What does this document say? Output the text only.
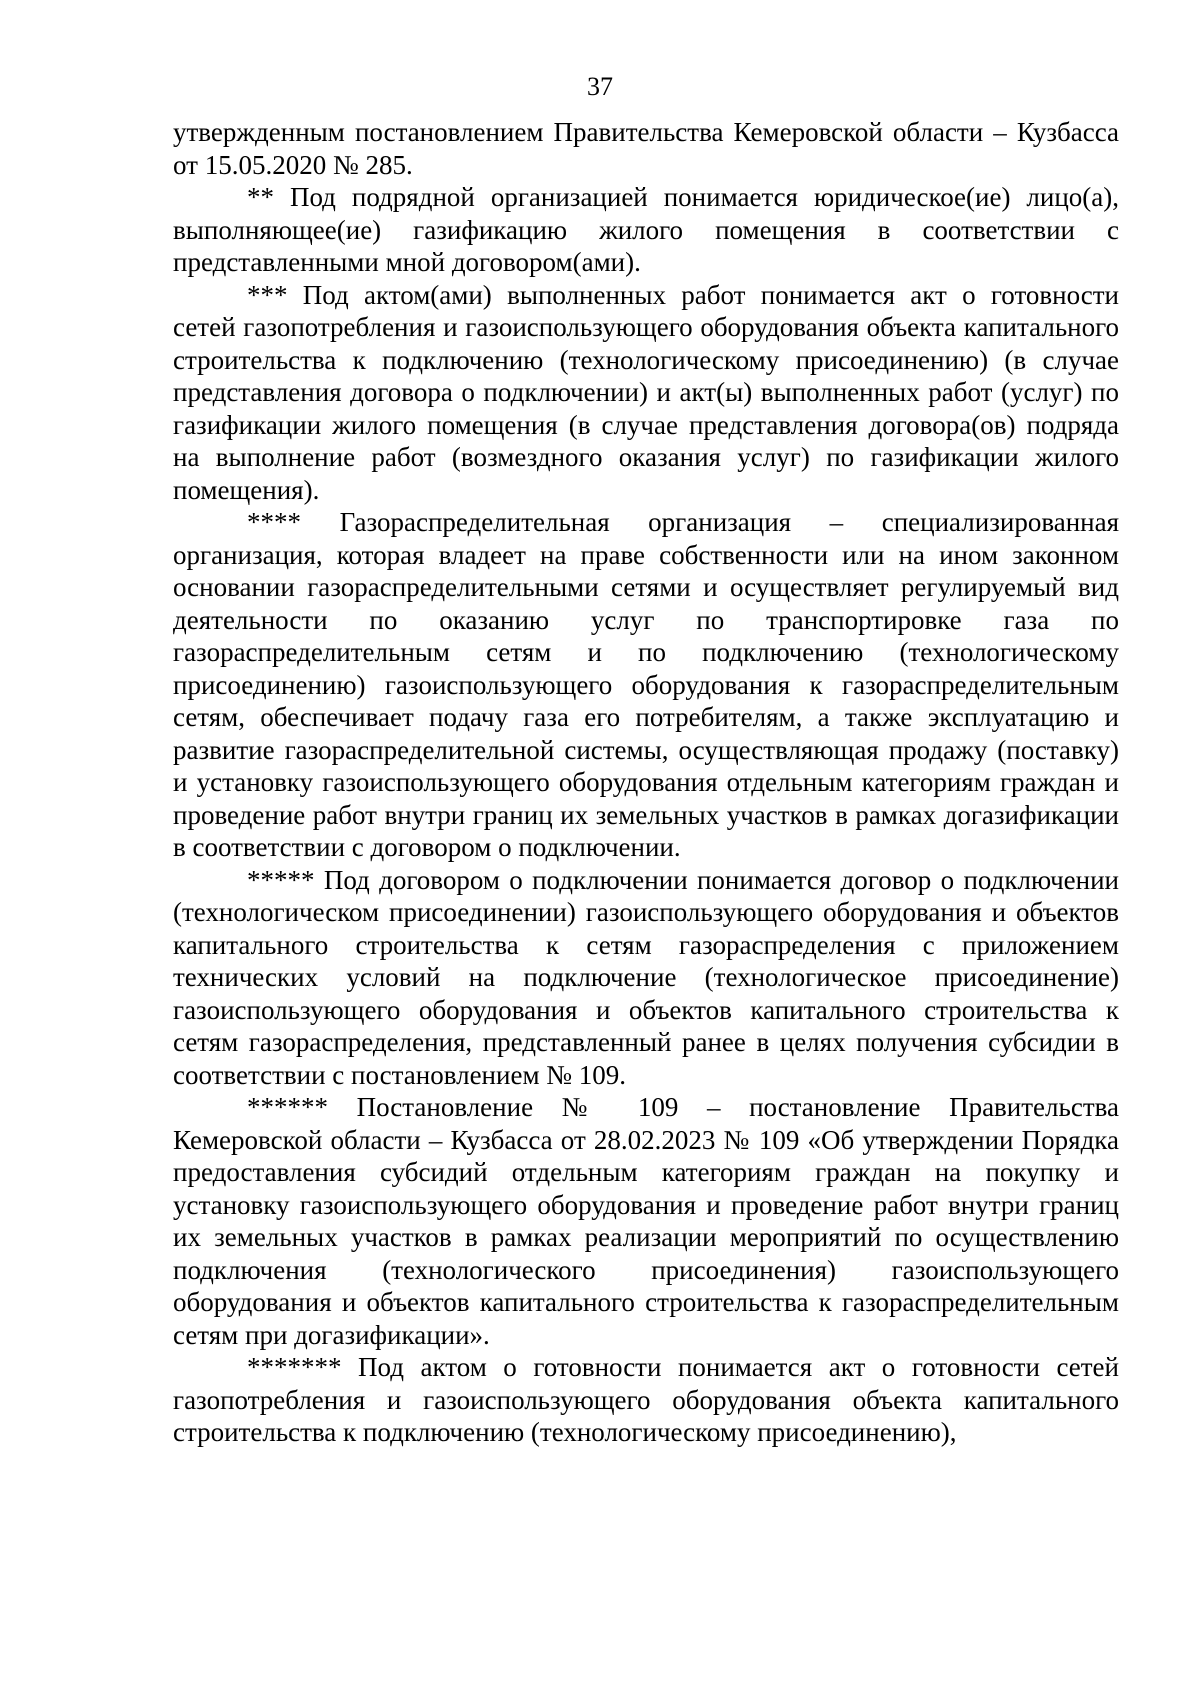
37

утвержденным постановлением Правительства Кемеровской области – Кузбасса от 15.05.2020 № 285.

** Под подрядной организацией понимается юридическое(ие) лицо(а), выполняющее(ие) газификацию жилого помещения в соответствии с представленными мной договором(ами).

*** Под актом(ами) выполненных работ понимается акт о готовности сетей газопотребления и газоиспользующего оборудования объекта капитального строительства к подключению (технологическому присоединению) (в случае представления договора о подключении) и акт(ы) выполненных работ (услуг) по газификации жилого помещения (в случае представления договора(ов) подряда на выполнение работ (возмездного оказания услуг) по газификации жилого помещения).

**** Газораспределительная организация – специализированная организация, которая владеет на праве собственности или на ином законном основании газораспределительными сетями и осуществляет регулируемый вид деятельности по оказанию услуг по транспортировке газа по газораспределительным сетям и по подключению (технологическому присоединению) газоиспользующего оборудования к газораспределительным сетям, обеспечивает подачу газа его потребителям, а также эксплуатацию и развитие газораспределительной системы, осуществляющая продажу (поставку) и установку газоиспользующего оборудования отдельным категориям граждан и проведение работ внутри границ их земельных участков в рамках догазификации в соответствии с договором о подключении.

***** Под договором о подключении понимается договор о подключении (технологическом присоединении) газоиспользующего оборудования и объектов капитального строительства к сетям газораспределения с приложением технических условий на подключение (технологическое присоединение) газоиспользующего оборудования и объектов капитального строительства к сетям газораспределения, представленный ранее в целях получения субсидии в соответствии с постановлением № 109.

****** Постановление № 109 – постановление Правительства Кемеровской области – Кузбасса от 28.02.2023 № 109 «Об утверждении Порядка предоставления субсидий отдельным категориям граждан на покупку и установку газоиспользующего оборудования и проведение работ внутри границ их земельных участков в рамках реализации мероприятий по осуществлению подключения (технологического присоединения) газоиспользующего оборудования и объектов капитального строительства к газораспределительным сетям при догазификации».

******* Под актом о готовности понимается акт о готовности сетей газопотребления и газоиспользующего оборудования объекта капитального строительства к подключению (технологическому присоединению),
